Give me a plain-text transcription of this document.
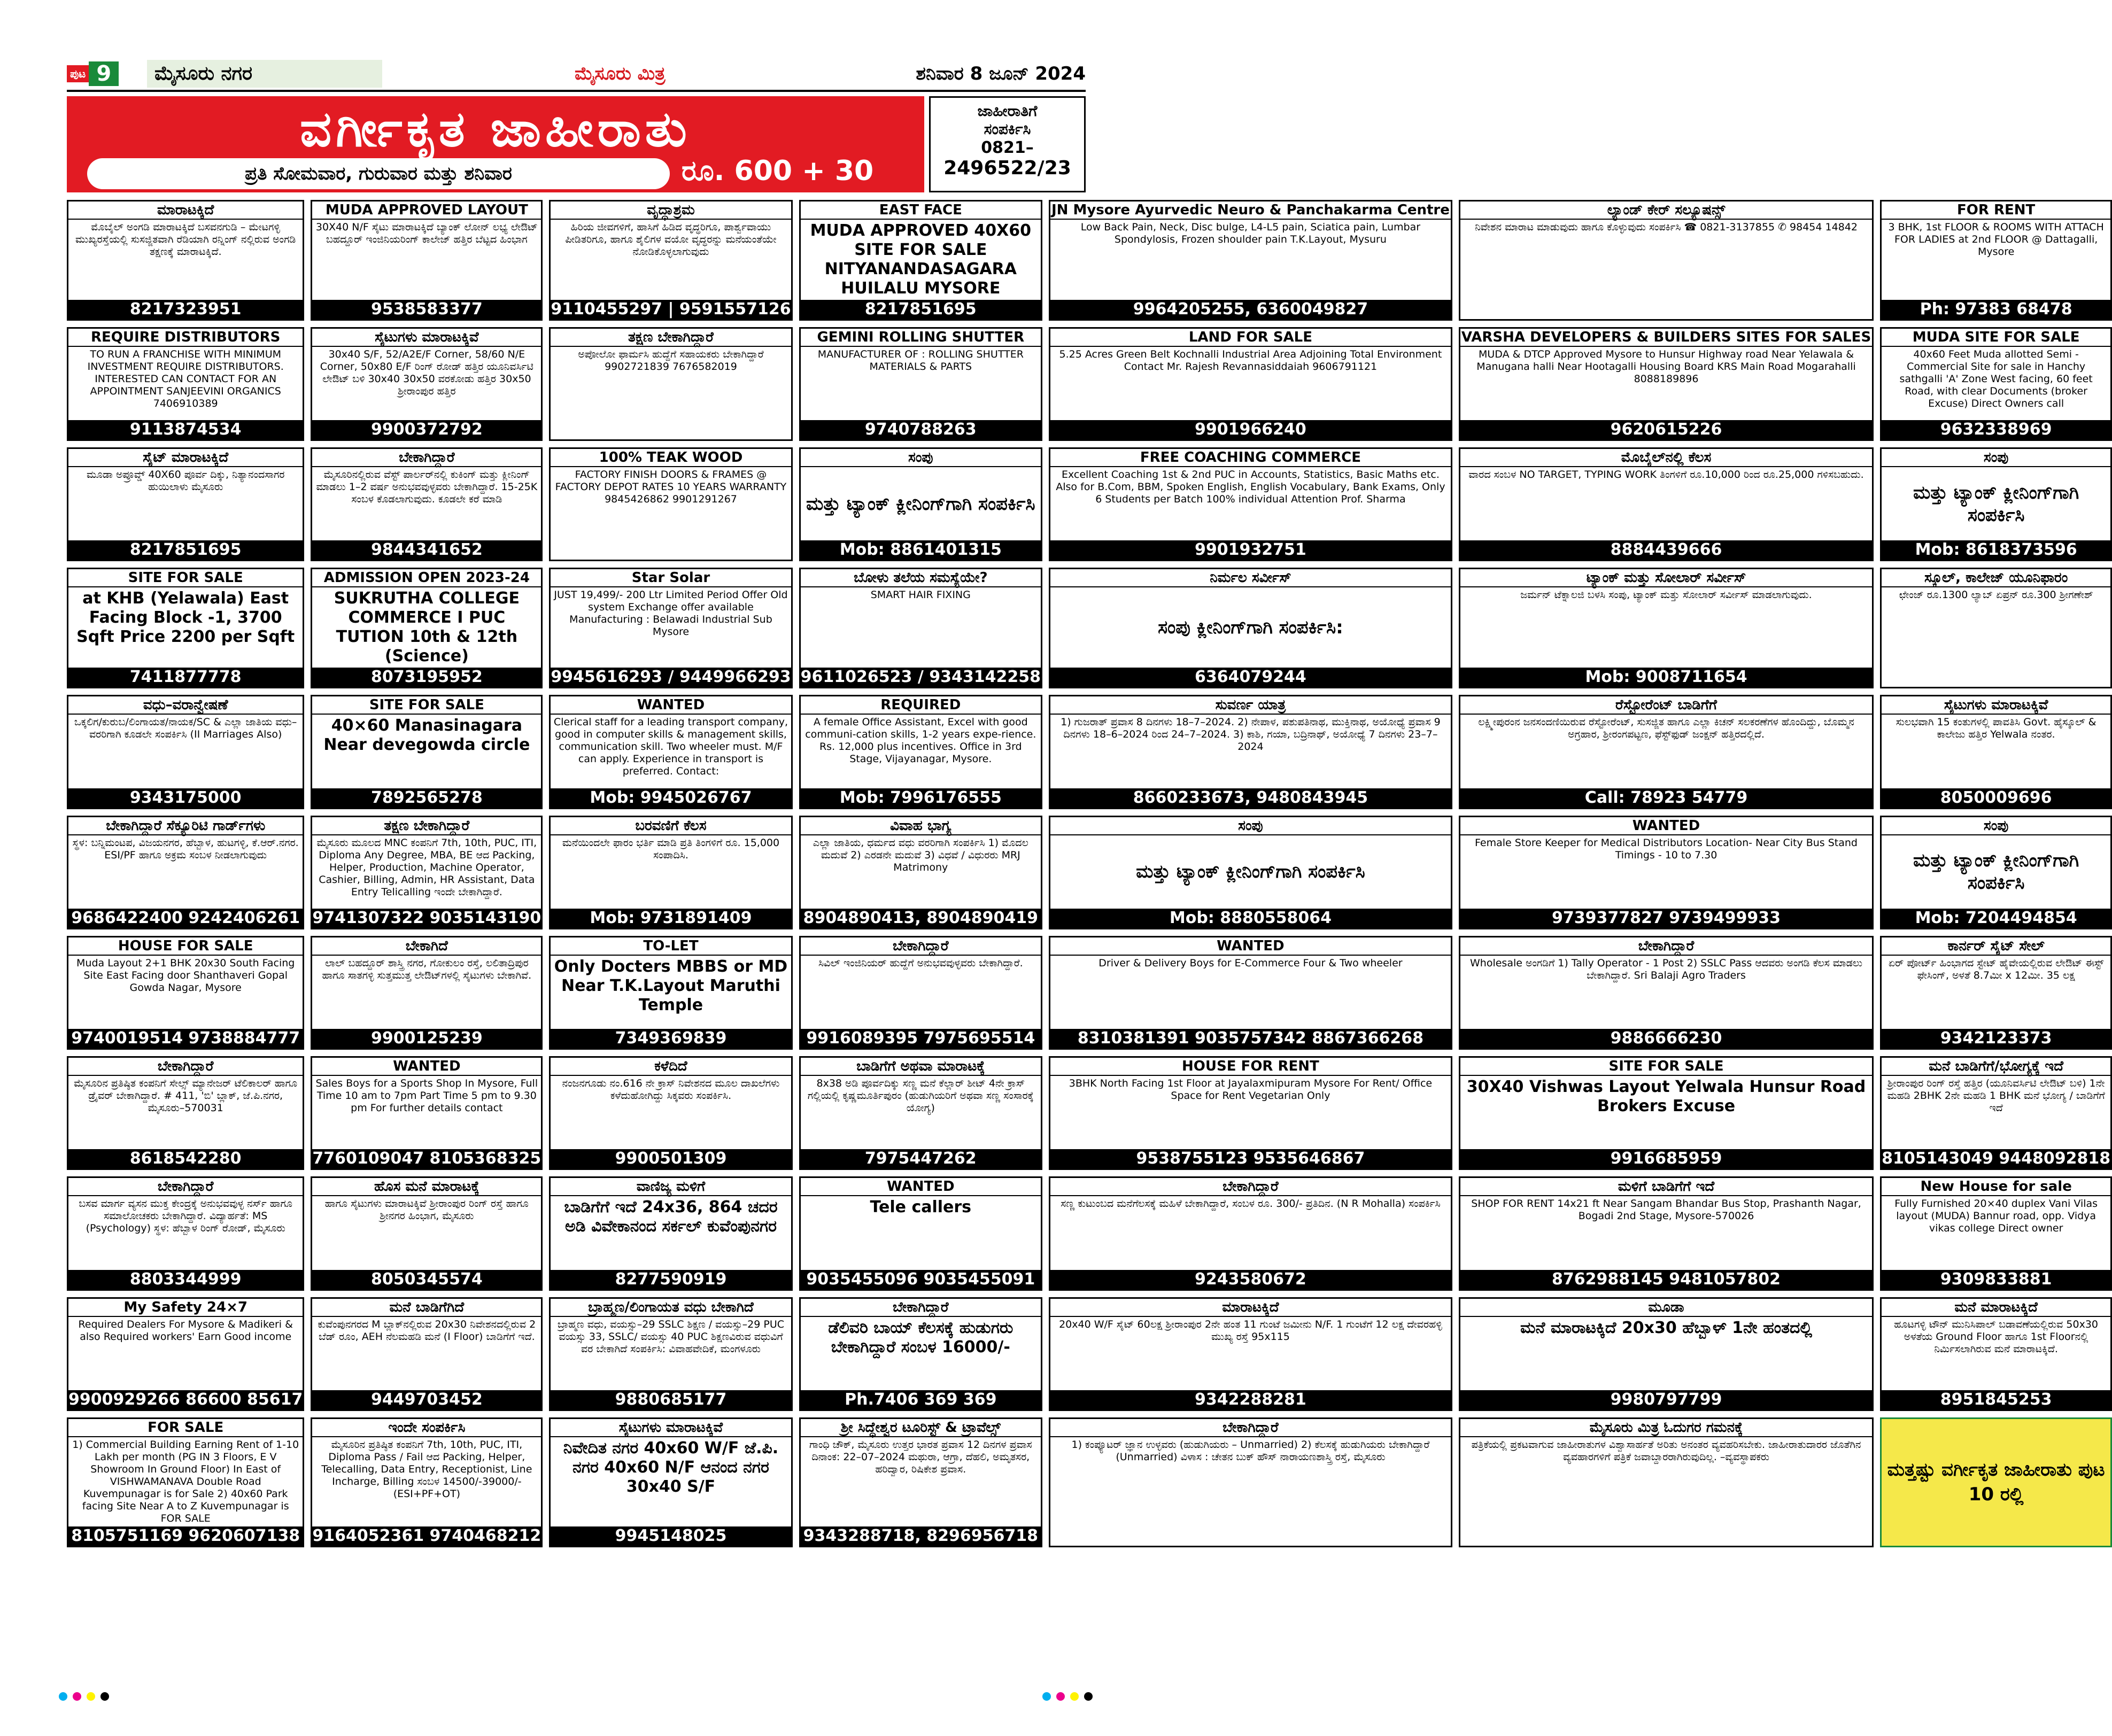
ಪುಟ 9	ಮೈಸೂರು ನಗರ	ಮೈಸೂರು ಮಿತ್ರ	ಶನಿವಾರ 8 ಜೂನ್ 2024
ವರ್ಗೀಕೃತ ಜಾಹೀರಾತು
ಪ್ರತಿ ಸೋಮವಾರ, ಗುರುವಾರ ಮತ್ತು ಶನಿವಾರ	ರೂ. 600 + 30 ಮಾತ್ರ
ಜಾಹೀರಾತಿಗೆ
ಸಂಪರ್ಕಿಸಿ
0821–
2496522/23
ಮಾರಾಟಕ್ಕಿದೆ
ಮೊಬೈಲ್ ಅಂಗಡಿ ಮಾರಾಟಕ್ಕಿದೆ ಬಸವನಗುಡಿ – ಮೇಟಗಳ್ಳಿ ಮುಖ್ಯರಸ್ತೆಯಲ್ಲಿ ಸುಸಜ್ಜಿತವಾಗಿ ರೆಡಿಯಾಗಿ ರನ್ನಿಂಗ್ ನಲ್ಲಿರುವ ಅಂಗಡಿ ತಕ್ಷಣಕ್ಕೆ ಮಾರಾಟಕ್ಕಿದೆ.
8217323951
MUDA APPROVED LAYOUT
30X40 N/F ಸೈಟು ಮಾರಾಟಕ್ಕಿದೆ ಬ್ಯಾಂಕ್ ಲೋನ್ ಲಭ್ಯ ಲೇಔಟ್ ಬಹದ್ದೂರ್ ಇಂಜಿನಿಯರಿಂಗ್ ಕಾಲೇಜ್ ಹತ್ತಿರ ಬೆಟ್ಟದ ಹಿಂಭಾಗ
9538583377
ವೃದ್ಧಾಶ್ರಮ
ಹಿರಿಯ ಜೀವಗಳಿಗೆ, ಹಾಸಿಗೆ ಹಿಡಿದ ವೃದ್ಧರಿಗೂ, ಪಾರ್ಶ್ವವಾಯು ಪೀಡಿತರಿಗೂ, ಹಾಗೂ ಶೈಲಿಗಳ ವಯೋ ವೃದ್ಧರನ್ನು ಮನೆಯಂತೆಯೇ ನೋಡಿಕೊಳ್ಳಲಾಗುವುದು
9110455297 | 9591557126
EAST FACE
MUDA APPROVED 40X60 SITE FOR SALE NITYANANDASAGARA HUILALU MYSORE
8217851695
JN Mysore Ayurvedic Neuro & Panchakarma Centre
Low Back Pain, Neck, Disc bulge, L4-L5 pain, Sciatica pain, Lumbar Spondylosis, Frozen shoulder pain T.K.Layout, Mysuru
9964205255, 6360049827
ಲ್ಯಾಂಡ್ ಕೇರ್ ಸಲ್ಯೂಷನ್ಸ್
ನಿವೇಶನ ಮಾರಾಟ ಮಾಡುವುದು ಹಾಗೂ ಕೊಳ್ಳುವುದು ಸಂಪರ್ಕಿಸಿ ☎ 0821-3137855 ✆ 98454 14842
FOR RENT
3 BHK, 1st FLOOR & ROOMS WITH ATTACH FOR LADIES at 2nd FLOOR @ Dattagalli, Mysore
Ph: 97383 68478
REQUIRE DISTRIBUTORS
TO RUN A FRANCHISE WITH MINIMUM INVESTMENT REQUIRE DISTRIBUTORS. INTERESTED CAN CONTACT FOR AN APPOINTMENT SANJEEVINI ORGANICS 7406910389
9113874534
ಸೈಟುಗಳು ಮಾರಾಟಕ್ಕಿವೆ
30x40 S/F, 52/A2E/F Corner, 58/60 N/E Corner, 50x80 E/F ರಿಂಗ್ ರೋಡ್ ಹತ್ತಿರ ಯೂನಿವರ್ಸಿಟಿ ಲೇಔಟ್ ಬಳಿ 30x40 30x50 ವರಕೋಡು ಹತ್ತಿರ 30x50 ಶ್ರೀರಾಂಪುರ ಹತ್ತಿರ
9900372792
ತಕ್ಷಣ ಬೇಕಾಗಿದ್ದಾರೆ
ಅಪೋಲೋ ಫಾರ್ಮಸಿ ಹುದ್ದೆಗೆ ಸಹಾಯಕರು ಬೇಕಾಗಿದ್ದಾರೆ 9902721839 7676582019
GEMINI ROLLING SHUTTER
MANUFACTURER OF : ROLLING SHUTTER MATERIALS & PARTS
9740788263
LAND FOR SALE
5.25 Acres Green Belt Kochnalli Industrial Area Adjoining Total Environment Contact Mr. Rajesh Revannasiddaiah 9606791121
9901966240
VARSHA DEVELOPERS & BUILDERS SITES FOR SALES
MUDA & DTCP Approved Mysore to Hunsur Highway road Near Yelawala & Manugana halli Near Hootagalli Housing Board KRS Main Road Mogarahalli 8088189896
9620615226
MUDA SITE FOR SALE
40x60 Feet Muda allotted Semi - Commercial Site for sale in Hanchy sathgalli 'A' Zone West facing, 60 feet Road, with clear Documents (broker Excuse) Direct Owners call
9632338969
ಸೈಟ್ ಮಾರಾಟಕ್ಕಿದೆ
ಮೂಡಾ ಅಪ್ರೂವ್ಡ್ 40X60 ಪೂರ್ವ ದಿಕ್ಕು, ನಿತ್ಯಾನಂದಸಾಗರ ಹುಯಿಲಾಳು ಮೈಸೂರು
8217851695
ಬೇಕಾಗಿದ್ದಾರೆ
ಮೈಸೂರಿನಲ್ಲಿರುವ ವೆಸ್ಟ್ ಪಾರ್ಲರ್‌ನಲ್ಲಿ ಕುಕಿಂಗ್ ಮತ್ತು ಕ್ಲೀನಿಂಗ್ ಮಾಡಲು 1–2 ವರ್ಷ ಅನುಭವವುಳ್ಳವರು ಬೇಕಾಗಿದ್ದಾರೆ. 15-25K ಸಂಬಳ ಕೊಡಲಾಗುವುದು. ಕೂಡಲೇ ಕರೆ ಮಾಡಿ
9844341652
100% TEAK WOOD
FACTORY FINISH DOORS & FRAMES @ FACTORY DEPOT RATES 10 YEARS WARRANTY 9845426862 9901291267
ಸಂಪು
ಮತ್ತು ಟ್ಯಾಂಕ್ ಕ್ಲೀನಿಂಗ್‌ಗಾಗಿ ಸಂಪರ್ಕಿಸಿ
Mob: 8861401315
FREE COACHING COMMERCE
Excellent Coaching 1st & 2nd PUC in Accounts, Statistics, Basic Maths etc. Also for B.Com, BBM, Spoken English, English Vocabulary, Bank Exams, Only 6 Students per Batch 100% individual Attention Prof. Sharma
9901932751
ಮೊಬೈಲ್‌ನಲ್ಲಿ ಕೆಲಸ
ವಾರದ ಸಂಬಳ NO TARGET, TYPING WORK ತಿಂಗಳಿಗೆ ರೂ.10,000 ರಿಂದ ರೂ.25,000 ಗಳಿಸಬಹುದು.
8884439666
ಸಂಪು
ಮತ್ತು ಟ್ಯಾಂಕ್ ಕ್ಲೀನಿಂಗ್‌ಗಾಗಿ ಸಂಪರ್ಕಿಸಿ
Mob: 8618373596
SITE FOR SALE
at KHB (Yelawala) East Facing Block -1, 3700 Sqft Price 2200 per Sqft
7411877778
ADMISSION OPEN 2023-24
SUKRUTHA COLLEGE COMMERCE I PUC TUTION 10th & 12th (Science)
8073195952
Star Solar
JUST 19,499/- 200 Ltr Limited Period Offer Old system Exchange offer available Manufacturing : Belawadi Industrial Sub Mysore
9945616293 / 9449966293
ಬೋಳು ತಲೆಯ ಸಮಸ್ಯೆಯೇ?
SMART HAIR FIXING
9611026523 / 9343142258
ನಿರ್ಮಲ ಸರ್ವೀಸ್
ಸಂಪು ಕ್ಲೀನಿಂಗ್‌ಗಾಗಿ ಸಂಪರ್ಕಿಸಿ:
6364079244
ಟ್ಯಾಂಕ್ ಮತ್ತು ಸೋಲಾರ್ ಸರ್ವೀಸ್
ಜರ್ಮನ್ ಟೆಕ್ನಾಲಜಿ ಬಳಸಿ ಸಂಪು, ಟ್ಯಾಂಕ್ ಮತ್ತು ಸೋಲಾರ್ ಸರ್ವೀಸ್ ಮಾಡಲಾಗುವುದು.
Mob: 9008711654
ಸ್ಕೂಲ್, ಕಾಲೇಜ್ ಯೂನಿಫಾರಂ
ಛೇಂಜ್ ರೂ.1300 ಲ್ಯಾಬ್ ಏಪ್ರನ್ ರೂ.300 ಶ್ರೀಗಣೇಶ್
ವಧು–ವರಾನ್ವೇಷಣೆ
ಒಕ್ಕಲಿಗ/ಕುರುಬ/ಲಿಂಗಾಯತ/ನಾಯಕ/SC & ಎಲ್ಲಾ ಜಾತಿಯ ವಧು–ವರರಿಗಾಗಿ ಕೂಡಲೇ ಸಂಪರ್ಕಿಸಿ (II Marriages Also)
9343175000
SITE FOR SALE
40×60 Manasinagara Near devegowda circle
7892565278
WANTED
Clerical staff for a leading transport company, good in computer skills & management skills, communication skill. Two wheeler must. M/F can apply. Experience in transport is preferred. Contact:
Mob: 9945026767
REQUIRED
A female Office Assistant, Excel with good communi-cation skills, 1-2 years expe-rience. Rs. 12,000 plus incentives. Office in 3rd Stage, Vijayanagar, Mysore.
Mob: 7996176555
ಸುವರ್ಣ ಯಾತ್ರ
1) ಗುಜರಾತ್ ಪ್ರವಾಸ 8 ದಿನಗಳು 18–7–2024. 2) ನೇಪಾಳ, ಪಶುಪತಿನಾಥ, ಮುಕ್ತಿನಾಥ, ಅಯೋಧ್ಯೆ ಪ್ರವಾಸ 9 ದಿನಗಳು 18–6–2024 ರಿಂದ 24–7–2024. 3) ಕಾಶಿ, ಗಯಾ, ಬದ್ರಿನಾಥ್, ಅಯೋಧ್ಯೆ 7 ದಿನಗಳು 23–7–2024
8660233673, 9480843945
ರೆಸ್ಟೋರೆಂಟ್ ಬಾಡಿಗೆಗೆ
ಲಕ್ಷ್ಮೀಪುರಂನ ಜನಸಂದಣಿಯಿರುವ ರೆಸ್ಟೋರೆಂಟ್, ಸುಸಜ್ಜಿತ ಹಾಗೂ ಎಲ್ಲಾ ಕಿಚನ್ ಸಲಕರಣೆಗಳ ಹೊಂದಿದ್ದು, ಬೊಮ್ಮನ ಅಗ್ರಹಾರ, ಶ್ರೀರಂಗಪಟ್ಟಣ, ಫೆಸ್ಟ್‌ಫುಡ್ ಜಂಕ್ಷನ್ ಹತ್ತಿರದಲ್ಲಿದೆ.
Call: 78923 54779
ಸೈಟುಗಳು ಮಾರಾಟಕ್ಕಿವೆ
ಸುಲಭವಾಗಿ 15 ಕಂತುಗಳಲ್ಲಿ ಪಾವತಿಸಿ Govt. ಹೈಸ್ಕೂಲ್ & ಕಾಲೇಜು ಹತ್ತಿರ Yelwala ನಂತರ.
8050009696
ಬೇಕಾಗಿದ್ದಾರೆ ಸೆಕ್ಯೂರಿಟಿ ಗಾರ್ಡ್‌ಗಳು
ಸ್ಥಳ: ಬನ್ನಿಮಂಟಪ, ವಿಜಯನಗರ, ಹೆಬ್ಬಾಳ, ಹುಟಗಳ್ಳಿ, ಕೆ.ಆರ್.ನಗರ. ESI/PF ಹಾಗೂ ಅಕ್ರಮ ಸಂಬಳ ನೀಡಲಾಗುವುದು
9686422400 9242406261
ತಕ್ಷಣ ಬೇಕಾಗಿದ್ದಾರೆ
ಮೈಸೂರು ಮೂಲದ MNC ಕಂಪನಿಗೆ 7th, 10th, PUC, ITI, Diploma Any Degree, MBA, BE ಆದ Packing, Helper, Production, Machine Operator, Cashier, Billing, Admin, HR Assistant, Data Entry Telicalling ಇಂದೇ ಬೇಕಾಗಿದ್ದಾರೆ.
9741307322 9035143190
ಬರವಣಿಗೆ ಕೆಲಸ
ಮನೆಯಿಂದಲೇ ಫಾರಂ ಭರ್ತಿ ಮಾಡಿ ಪ್ರತಿ ತಿಂಗಳಿಗೆ ರೂ. 15,000 ಸಂಪಾದಿಸಿ.
Mob: 9731891409
ವಿವಾಹ ಭಾಗ್ಯ
ಎಲ್ಲಾ ಜಾತಿಯ, ಧರ್ಮದ ವಧು ವರರಿಗಾಗಿ ಸಂಪರ್ಕಿಸಿ 1) ಮೊದಲ ಮದುವೆ 2) ಎರಡನೇ ಮದುವೆ 3) ವಿಧವೆ / ವಿಧುರರು MRJ Matrimony
8904890413, 8904890419
ಸಂಪು
ಮತ್ತು ಟ್ಯಾಂಕ್ ಕ್ಲೀನಿಂಗ್‌ಗಾಗಿ ಸಂಪರ್ಕಿಸಿ
Mob: 8880558064
WANTED
Female Store Keeper for Medical Distributors Location- Near City Bus Stand Timings - 10 to 7.30
9739377827 9739499933
ಸಂಪು
ಮತ್ತು ಟ್ಯಾಂಕ್ ಕ್ಲೀನಿಂಗ್‌ಗಾಗಿ ಸಂಪರ್ಕಿಸಿ
Mob: 7204494854
HOUSE FOR SALE
Muda Layout 2+1 BHK 20x30 South Facing Site East Facing door Shanthaveri Gopal Gowda Nagar, Mysore
9740019514 9738884777
ಬೇಕಾಗಿದೆ
ಲಾಲ್ ಬಹದ್ದೂರ್ ಶಾಸ್ತ್ರಿ ನಗರ, ಗೋಕುಲಂ ರಸ್ತೆ, ಲಲಿತಾದ್ರಿಪುರ ಹಾಗೂ ಸಾತಗಳ್ಳಿ ಸುತ್ತಮುತ್ತ ಲೇಔಟ್‌ಗಳಲ್ಲಿ ಸೈಟುಗಳು ಬೇಕಾಗಿವೆ.
9900125239
TO-LET
Only Docters MBBS or MD Near T.K.Layout Maruthi Temple
7349369839
ಬೇಕಾಗಿದ್ದಾರೆ
ಸಿವಿಲ್ ಇಂಜಿನಿಯರ್ ಹುದ್ದೆಗೆ ಅನುಭವವುಳ್ಳವರು ಬೇಕಾಗಿದ್ದಾರೆ.
9916089395 7975695514
WANTED
Driver & Delivery Boys for E-Commerce Four & Two wheeler
8310381391 9035757342 8867366268
ಬೇಕಾಗಿದ್ದಾರೆ
Wholesale ಅಂಗಡಿಗೆ 1) Tally Operator - 1 Post 2) SSLC Pass ಆದವರು ಅಂಗಡಿ ಕೆಲಸ ಮಾಡಲು ಬೇಕಾಗಿದ್ದಾರೆ. Sri Balaji Agro Traders
9886666230
ಕಾರ್ನರ್ ಸೈಟ್ ಸೇಲ್
ಏರ್ ಪೋರ್ಟ್ ಹಿಂಭಾಗದ ಸ್ಟೇಟ್ ಹೈವೇಯಲ್ಲಿರುವ ಲೇಔಟ್ ಈಸ್ಟ್ ಫೇಸಿಂಗ್, ಅಳತೆ 8.7ಮೀ x 12ಮೀ. 35 ಲಕ್ಷ
9342123373
ಬೇಕಾಗಿದ್ದಾರೆ
ಮೈಸೂರಿನ ಪ್ರತಿಷ್ಠಿತ ಕಂಪನಿಗೆ ಸೇಲ್ಸ್ ಮ್ಯಾನೇಜರ್ ಟೆಲಿಕಾಲರ್ ಹಾಗೂ ಡ್ರೈವರ್ ಬೇಕಾಗಿದ್ದಾರೆ. # 411, 'ಬಿ' ಬ್ಲಾಕ್, ಜೆ.ಪಿ.ನಗರ, ಮೈಸೂರು–570031
8618542280
WANTED
Sales Boys for a Sports Shop In Mysore, Full Time 10 am to 7pm Part Time 5 pm to 9.30 pm For further details contact
7760109047 8105368325
ಕಳೆದಿದೆ
ನಂಜನಗೂಡು ನಂ.616 ನೇ ಕ್ರಾಸ್ ನಿವೇಶನದ ಮೂಲ ದಾಖಲೆಗಳು ಕಳೆದುಹೋಗಿದ್ದು ಸಿಕ್ಕವರು ಸಂಪರ್ಕಿಸಿ.
9900501309
ಬಾಡಿಗೆಗೆ ಅಥವಾ ಮಾರಾಟಕ್ಕೆ
8x38 ಅಡಿ ಪೂರ್ವದಿಕ್ಕು ಸಣ್ಣ ಮನೆ ಕೆಲ್ಲಾರ್ ಶೀಟ್ 4ನೇ ಕ್ರಾಸ್ ಗಲ್ಲಿಯಲ್ಲಿ ಕೃಷ್ಣಮೂರ್ತಿಪುರಂ (ಹುಡುಗಿಯರಿಗೆ ಅಥವಾ ಸಣ್ಣ ಸಂಸಾರಕ್ಕೆ ಯೋಗ್ಯ)
7975447262
HOUSE FOR RENT
3BHK North Facing 1st Floor at Jayalaxmipuram Mysore For Rent/ Office Space for Rent Vegetarian Only
9538755123 9535646867
SITE FOR SALE
30X40 Vishwas Layout Yelwala Hunsur Road Brokers Excuse
9916685959
ಮನೆ ಬಾಡಿಗೆಗೆ/ಭೋಗ್ಯಕ್ಕೆ ಇದೆ
ಶ್ರೀರಾಂಪುರ ರಿಂಗ್ ರಸ್ತೆ ಹತ್ತಿರ (ಯೂನಿವರ್ಸಿಟಿ ಲೇಔಟ್ ಬಳಿ) 1ನೇ ಮಹಡಿ 2BHK 2ನೇ ಮಹಡಿ 1 BHK ಮನೆ ಭೋಗ್ಯ / ಬಾಡಿಗೆಗೆ ಇದೆ
8105143049 9448092818
ಬೇಕಾಗಿದ್ದಾರೆ
ಬಸವ ಮಾರ್ಗ ವ್ಯಸನ ಮುಕ್ತ ಕೇಂದ್ರಕ್ಕೆ ಅನುಭವವುಳ್ಳ ನರ್ಸ್ ಹಾಗೂ ಸಮಾಲೋಚಕರು ಬೇಕಾಗಿದ್ದಾರೆ. ವಿದ್ಯಾರ್ಹತೆ: MS (Psychology) ಸ್ಥಳ: ಹೆಬ್ಬಾಳ ರಿಂಗ್ ರೋಡ್, ಮೈಸೂರು
8803344999
ಹೊಸ ಮನೆ ಮಾರಾಟಕ್ಕೆ
ಹಾಗೂ ಸೈಟುಗಳು ಮಾರಾಟಕ್ಕಿವೆ ಶ್ರೀರಾಂಪುರ ರಿಂಗ್ ರಸ್ತೆ ಹಾಗೂ ಶ್ರೀನಗರ ಹಿಂಭಾಗ, ಮೈಸೂರು
8050345574
ವಾಣಿಜ್ಯ ಮಳಿಗೆ
ಬಾಡಿಗೆಗೆ ಇದೆ 24x36, 864 ಚದರ ಅಡಿ ವಿವೇಕಾನಂದ ಸರ್ಕಲ್ ಕುವೆಂಪುನಗರ
8277590919
WANTED
Tele callers
9035455096 9035455091
ಬೇಕಾಗಿದ್ದಾರೆ
ಸಣ್ಣ ಕುಟುಂಬದ ಮನೆಗೆಲಸಕ್ಕೆ ಮಹಿಳೆ ಬೇಕಾಗಿದ್ದಾರೆ, ಸಂಬಳ ರೂ. 300/- ಪ್ರತಿದಿನ. (N R Mohalla) ಸಂಪರ್ಕಿಸಿ
9243580672
ಮಳಿಗೆ ಬಾಡಿಗೆಗೆ ಇದೆ
SHOP FOR RENT 14x21 ft Near Sangam Bhandar Bus Stop, Prashanth Nagar, Bogadi 2nd Stage, Mysore-570026
8762988145 9481057802
New House for sale
Fully Furnished 20×40 duplex Vani Vilas layout (MUDA) Bannur road, opp. Vidya vikas college Direct owner
9309833881
My Safety 24×7
Required Dealers For Mysore & Madikeri & also Required workers' Earn Good income
9900929266 86600 85617
ಮನೆ ಬಾಡಿಗೆಗಿದೆ
ಕುವೆಂಪುನಗರದ M ಬ್ಲಾಕ್‌ನಲ್ಲಿರುವ 20x30 ನಿವೇಶನದಲ್ಲಿರುವ 2 ಬೆಡ್ ರೂಂ, AEH ನೆಲಮಹಡಿ ಮನೆ (I Floor) ಬಾಡಿಗೆಗೆ ಇದೆ.
9449703452
ಬ್ರಾಹ್ಮಣ/ಲಿಂಗಾಯತ ವಧು ಬೇಕಾಗಿದೆ
ಬ್ರಾಹ್ಮಣ ವಧು, ವಯಸ್ಸು–29 SSLC ಶಿಕ್ಷಣ / ವಯಸ್ಸು–29 PUC ವಯಸ್ಸು 33, SSLC/ ವಯಸ್ಸು 40 PUC ಶಿಕ್ಷಣವಿರುವ ವಧುವಿಗೆ ವರ ಬೇಕಾಗಿದೆ ಸಂಪರ್ಕಿಸಿ: ವಿವಾಹವೇದಿಕೆ, ಮಂಗಳೂರು
9880685177
ಬೇಕಾಗಿದ್ದಾರೆ
ಡೆಲಿವರಿ ಬಾಯ್ ಕೆಲಸಕ್ಕೆ ಹುಡುಗರು ಬೇಕಾಗಿದ್ದಾರೆ ಸಂಬಳ 16000/-
Ph.7406 369 369
ಮಾರಾಟಕ್ಕಿದೆ
20x40 W/F ಸೈಟ್ 60ಲಕ್ಷ ಶ್ರೀರಾಂಪುರ 2ನೇ ಹಂತ 11 ಗುಂಟೆ ಜಮೀನು N/F. 1 ಗುಂಟೆಗೆ 12 ಲಕ್ಷ ದೇವರಹಳ್ಳಿ ಮುಖ್ಯ ರಸ್ತೆ 95x115
9342288281
ಮೂಡಾ
ಮನೆ ಮಾರಾಟಕ್ಕಿದೆ 20x30 ಹೆಬ್ಬಾಳ್ 1ನೇ ಹಂತದಲ್ಲಿ
9980797799
ಮನೆ ಮಾರಾಟಕ್ಕಿದೆ
ಹೂಟಗಳ್ಳಿ ಟೌನ್ ಮುನಿಸಿಪಾಲ್ ಬಡಾವಣೆಯಲ್ಲಿರುವ 50x30 ಅಳತೆಯ Ground Floor ಹಾಗೂ 1st Floorನಲ್ಲಿ ನಿರ್ಮಿಸಲಾಗಿರುವ ಮನೆ ಮಾರಾಟಕ್ಕಿದೆ.
8951845253
FOR SALE
1) Commercial Building Earning Rent of 1-10 Lakh per month (PG IN 3 Floors, E V Showroom In Ground Floor) In East of VISHWAMANAVA Double Road Kuvempunagar is for Sale 2) 40x60 Park facing Site Near A to Z Kuvempunagar is FOR SALE
8105751169 9620607138
ಇಂದೇ ಸಂಪರ್ಕಿಸಿ
ಮೈಸೂರಿನ ಪ್ರತಿಷ್ಠಿತ ಕಂಪನಿಗೆ 7th, 10th, PUC, ITI, Diploma Pass / Fail ಆದ Packing, Helper, Telecalling, Data Entry, Receptionist, Line Incharge, Billing ಸಂಬಳ 14500/-39000/-(ESI+PF+OT)
9164052361 9740468212
ಸೈಟುಗಳು ಮಾರಾಟಕ್ಕಿವೆ
ನಿವೇದಿತ ನಗರ 40x60 W/F ಜೆ.ಪಿ. ನಗರ 40x60 N/F ಆನಂದ ನಗರ 30x40 S/F
9945148025
ಶ್ರೀ ಸಿದ್ಧೇಶ್ವರ ಟೂರಿಸ್ಟ್ & ಟ್ರಾವೆಲ್ಸ್
ಗಾಂಧಿ ಚೌಕ್, ಮೈಸೂರು ಉತ್ತರ ಭಾರತ ಪ್ರವಾಸ 12 ದಿನಗಳ ಪ್ರವಾಸ ದಿನಾಂಕ: 22–07–2024 ಮಥುರಾ, ಆಗ್ರಾ, ದೆಹಲಿ, ಅಮೃತಸರ, ಹರಿದ್ವಾರ, ರಿಷಿಕೇಶ ಪ್ರವಾಸ.
9343288718, 8296956718
ಬೇಕಾಗಿದ್ದಾರೆ
1) ಕಂಪ್ಯೂಟರ್ ಜ್ಞಾನ ಉಳ್ಳವರು (ಹುಡುಗಿಯರು – Unmarried) 2) ಕೆಲಸಕ್ಕೆ ಹುಡುಗಿಯರು ಬೇಕಾಗಿದ್ದಾರೆ (Unmarried) ವಿಳಾಸ : ಚೇತನ ಬುಕ್ ಹೌಸ್ ನಾರಾಯಣಶಾಸ್ತ್ರಿ ರಸ್ತೆ, ಮೈಸೂರು
ಮೈಸೂರು ಮಿತ್ರ ಓದುಗರ ಗಮನಕ್ಕೆ
ಪತ್ರಿಕೆಯಲ್ಲಿ ಪ್ರಕಟವಾಗುವ ಜಾಹೀರಾತುಗಳ ವಿಶ್ವಾಸಾರ್ಹತೆ ಅರಿತು ಅನಂತರ ವ್ಯವಹರಿಸಬೇಕು. ಜಾಹೀರಾತುದಾರರ ಜೊತೆಗಿನ ವ್ಯವಹಾರಗಳಿಗೆ ಪತ್ರಿಕೆ ಜವಾಬ್ದಾರರಾಗಿರುವುದಿಲ್ಲ. –ವ್ಯವಸ್ಥಾಪಕರು
ಮತ್ತಷ್ಟು ವರ್ಗೀಕೃತ ಜಾಹೀರಾತು ಪುಟ 10 ರಲ್ಲಿ
